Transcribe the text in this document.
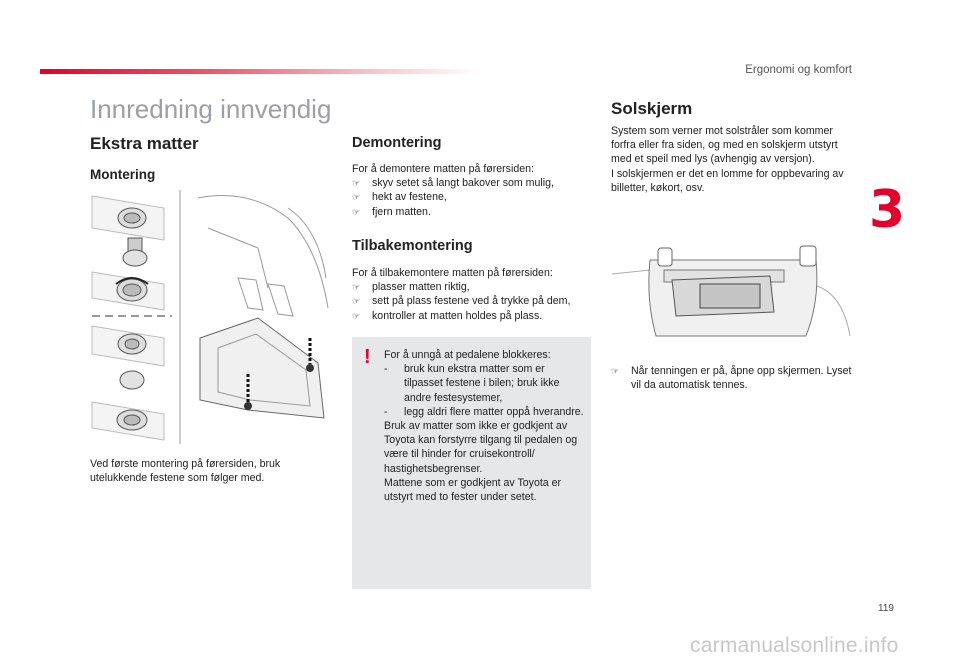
Ergonomi og komfort
3
Innredning innvendig
Ekstra matter
Montering
Ved første montering på førersiden, bruk utelukkende festene som følger med.
Demontering
For å demontere matten på førersiden:
☞ skyv setet så langt bakover som mulig,
☞ hekt av festene,
☞ fjern matten.
Tilbakemontering
For å tilbakemontere matten på førersiden:
☞ plasser matten riktig,
☞ sett på plass festene ved å trykke på dem,
☞ kontroller at matten holdes på plass.
! For å unngå at pedalene blokkeres:
- bruk kun ekstra matter som er tilpasset festene i bilen; bruk ikke andre festesystemer,
- legg aldri flere matter oppå hverandre.
Bruk av matter som ikke er godkjent av Toyota kan forstyrre tilgang til pedalen og være til hinder for cruisekontroll/ hastighetsbegrenser.
Mattene som er godkjent av Toyota er utstyrt med to fester under setet.
Solskjerm
System som verner mot solstråler som kommer forfra eller fra siden, og med en solskjerm utstyrt med et speil med lys (avhengig av versjon).
I solskjermen er det en lomme for oppbevaring av billetter, køkort, osv.
☞ Når tenningen er på, åpne opp skjermen. Lyset vil da automatisk tennes.
119
carmanualsonline.info
